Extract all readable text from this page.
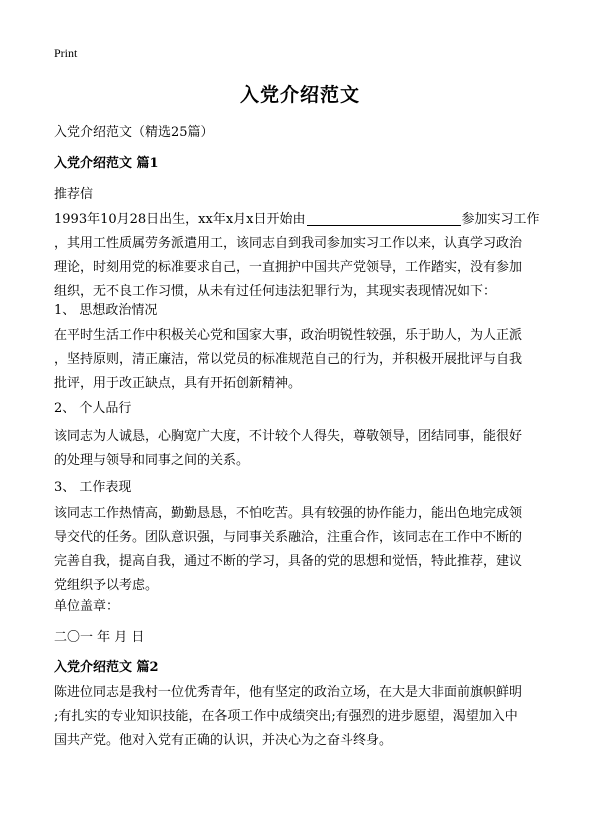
Print
入党介绍范文
入党介绍范文（精选25篇）
入党介绍范文 篇1
推荐信
1993年10月28日出生，xx年x月x日开始由	参加实习工作
，其用工性质属劳务派遣用工，该同志自到我司参加实习工作以来，认真学习政治
理论，时刻用党的标准要求自己，一直拥护中国共产党领导，工作踏实，没有参加
组织，无不良工作习惯，从未有过任何违法犯罪行为，其现实表现情况如下：
1、 思想政治情况
在平时生活工作中积极关心党和国家大事，政治明锐性较强，乐于助人，为人正派
，坚持原则，清正廉洁，常以党员的标准规范自己的行为，并积极开展批评与自我
批评，用于改正缺点，具有开拓创新精神。
2、 个人品行
该同志为人诚恳，心胸宽广大度，不计较个人得失，尊敬领导，团结同事，能很好
的处理与领导和同事之间的关系。
3、 工作表现
该同志工作热情高，勤勤恳恳，不怕吃苦。具有较强的协作能力，能出色地完成领
导交代的任务。团队意识强，与同事关系融洽，注重合作，该同志在工作中不断的
完善自我，提高自我，通过不断的学习，具备的党的思想和觉悟，特此推荐，建议
党组织予以考虑。
单位盖章：
二〇一 年 月 日
入党介绍范文 篇2
陈进位同志是我村一位优秀青年，他有坚定的政治立场，在大是大非面前旗帜鲜明
;有扎实的专业知识技能，在各项工作中成绩突出;有强烈的进步愿望，渴望加入中
国共产党。他对入党有正确的认识，并决心为之奋斗终身。
